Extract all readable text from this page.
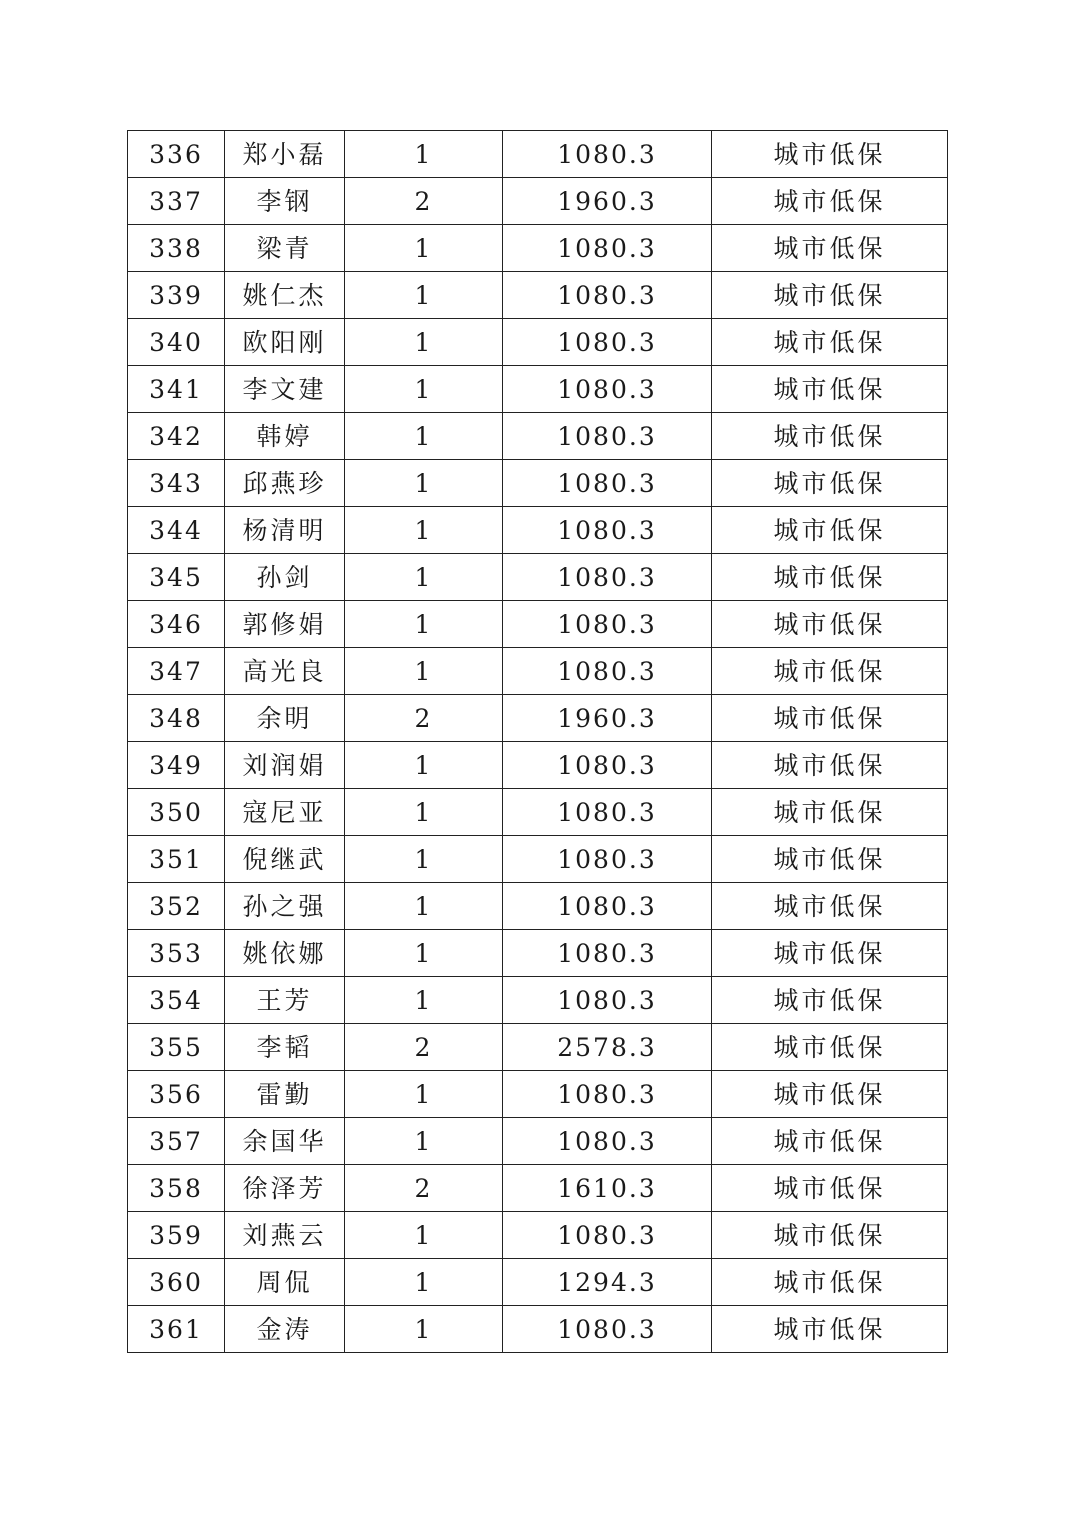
336	郑小磊	1	1080.3	城市低保
337	李钢	2	1960.3	城市低保
338	梁青	1	1080.3	城市低保
339	姚仁杰	1	1080.3	城市低保
340	欧阳刚	1	1080.3	城市低保
341	李文建	1	1080.3	城市低保
342	韩婷	1	1080.3	城市低保
343	邱燕珍	1	1080.3	城市低保
344	杨清明	1	1080.3	城市低保
345	孙剑	1	1080.3	城市低保
346	郭修娟	1	1080.3	城市低保
347	高光良	1	1080.3	城市低保
348	余明	2	1960.3	城市低保
349	刘润娟	1	1080.3	城市低保
350	寇尼亚	1	1080.3	城市低保
351	倪继武	1	1080.3	城市低保
352	孙之强	1	1080.3	城市低保
353	姚依娜	1	1080.3	城市低保
354	王芳	1	1080.3	城市低保
355	李韬	2	2578.3	城市低保
356	雷勤	1	1080.3	城市低保
357	余国华	1	1080.3	城市低保
358	徐泽芳	2	1610.3	城市低保
359	刘燕云	1	1080.3	城市低保
360	周侃	1	1294.3	城市低保
361	金涛	1	1080.3	城市低保
